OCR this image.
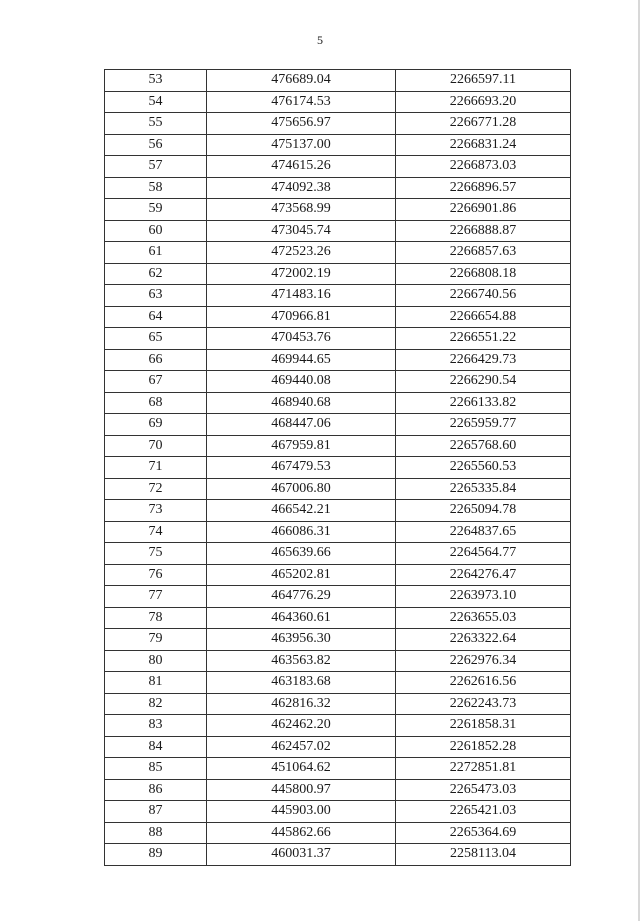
5
53	476689.04	2266597.11
54	476174.53	2266693.20
55	475656.97	2266771.28
56	475137.00	2266831.24
57	474615.26	2266873.03
58	474092.38	2266896.57
59	473568.99	2266901.86
60	473045.74	2266888.87
61	472523.26	2266857.63
62	472002.19	2266808.18
63	471483.16	2266740.56
64	470966.81	2266654.88
65	470453.76	2266551.22
66	469944.65	2266429.73
67	469440.08	2266290.54
68	468940.68	2266133.82
69	468447.06	2265959.77
70	467959.81	2265768.60
71	467479.53	2265560.53
72	467006.80	2265335.84
73	466542.21	2265094.78
74	466086.31	2264837.65
75	465639.66	2264564.77
76	465202.81	2264276.47
77	464776.29	2263973.10
78	464360.61	2263655.03
79	463956.30	2263322.64
80	463563.82	2262976.34
81	463183.68	2262616.56
82	462816.32	2262243.73
83	462462.20	2261858.31
84	462457.02	2261852.28
85	451064.62	2272851.81
86	445800.97	2265473.03
87	445903.00	2265421.03
88	445862.66	2265364.69
89	460031.37	2258113.04
